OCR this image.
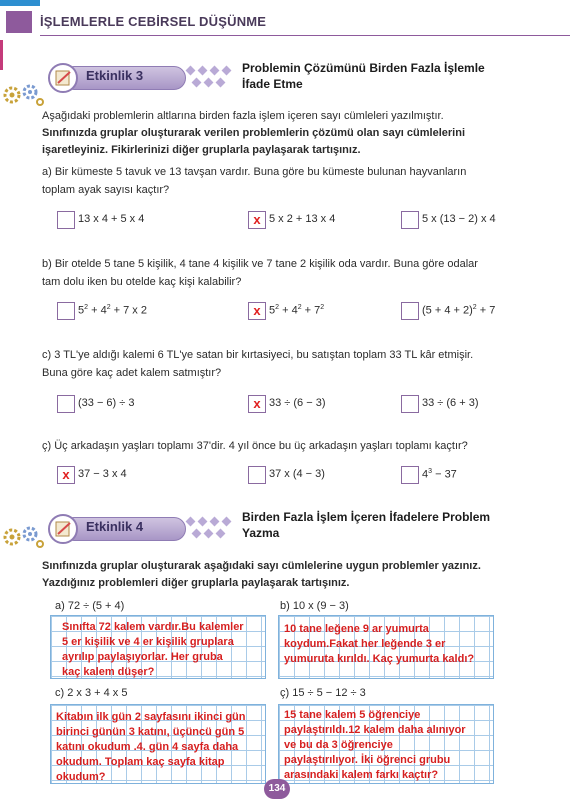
İŞLEMLERLE CEBİRSEL DÜŞÜNME
Etkinlik 3	Problemin Çözümünü Birden Fazla İşlemle
İfade Etme
Aşağıdaki problemlerin altlarına birden fazla işlem içeren sayı cümleleri yazılmıştır.
Sınıfınızda gruplar oluşturarak verilen problemlerin çözümü olan sayı cümlelerini
işaretleyiniz. Fikirlerinizi diğer gruplarla paylaşarak tartışınız.
a) Bir kümeste 5 tavuk ve 13 tavşan vardır. Buna göre bu kümeste bulunan hayvanların
toplam ayak sayısı kaçtır?
13 x 4 + 5 x 4	x 5 x 2 + 13 x 4	5 x (13 − 2) x 4
b) Bir otelde 5 tane 5 kişilik, 4 tane 4 kişilik ve 7 tane 2 kişilik oda vardır. Buna göre odalar
tam dolu iken bu otelde kaç kişi kalabilir?
$5^2 + 4^2 + 7$ x 2	x $5^2 + 4^2 + 7^2$	$(5 + 4 + 2)^2 + 7$
c) 3 TL'ye aldığı kalemi 6 TL'ye satan bir kırtasiyeci, bu satıştan toplam 33 TL kâr etmişir.
Buna göre kaç adet kalem satmıştır?
(33 − 6) ÷ 3	x 33 ÷ (6 − 3)	33 ÷ (6 + 3)
ç) Üç arkadaşın yaşları toplamı 37'dir. 4 yıl önce bu üç arkadaşın yaşları toplamı kaçtır?
x 37 − 3 x 4	37 x (4 − 3)	$4^3 - 37$
Etkinlik 4
Birden Fazla İşlem İçeren İfadelere Problem
Yazma
Sınıfınızda gruplar oluşturarak aşağıdaki sayı cümlelerine uygun problemler yazınız.
Yazdığınız problemleri diğer gruplarla paylaşarak tartışınız.
a) 72 ÷ (5 + 4)
Sınıfta 72 kalem vardır.Bu kalemler
5 er kişilik ve 4 er kişilik gruplara
ayrılıp paylaşıyorlar. Her gruba
kaç kalem düşer?
b) 10 x (9 − 3)
10 tane leğene 9 ar yumurta
koydum.Fakat her leğende 3 er
yumuruta kırıldı. Kaç yumurta kaldı?
c) 2 x 3 + 4 x 5
Kitabın ilk gün 2 sayfasını ikinci gün
birinci günün 3 katını, üçüncü gün 5
katını okudum .4. gün 4 sayfa daha
okudum. Toplam kaç sayfa kitap
okudum?
ç) 15 ÷ 5 − 12 ÷ 3
15 tane kalem 5 öğrenciye
paylaştırıldı.12 kalem daha alınıyor
ve bu da 3 öğrenciye
paylaştırılıyor. İki öğrenci grubu
arasındaki kalem farkı kaçtır?
134
